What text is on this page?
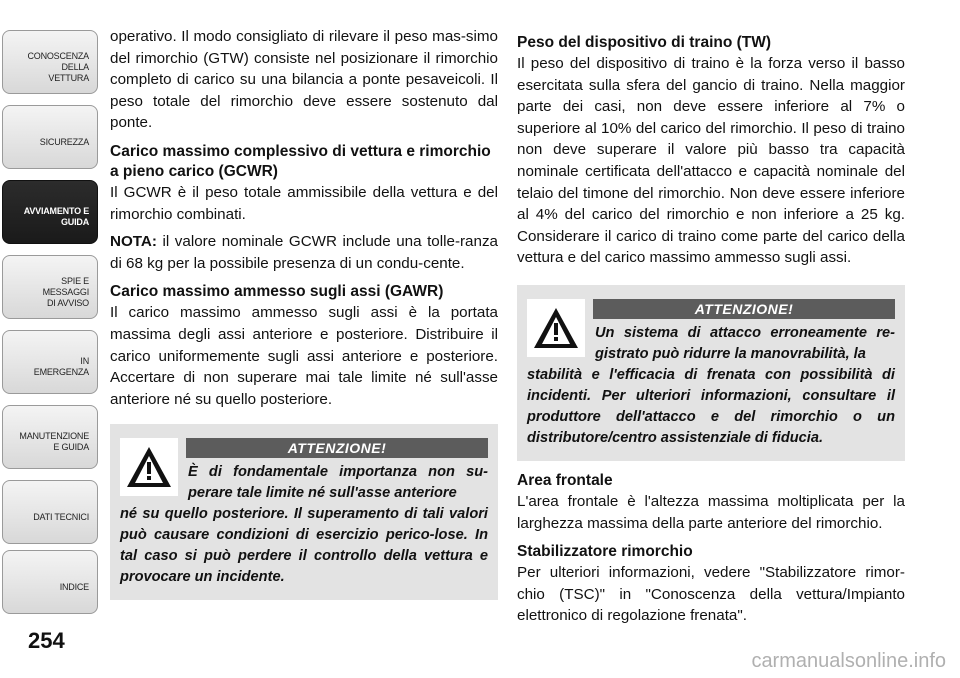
CONOSCENZA DELLA
VETTURA
SICUREZZA
AVVIAMENTO E
GUIDA
SPIE E
MESSAGGI
DI AVVISO
IN
EMERGENZA
MANUTENZIONE
E GUIDA
DATI TECNICI
INDICE
254

operativo. Il modo consigliato di rilevare il peso mas-simo del rimorchio (GTW) consiste nel posizionare il rimorchio completo di carico su una bilancia a ponte pesaveicoli. Il peso totale del rimorchio deve essere sostenuto dal ponte.

Carico massimo complessivo di vettura e rimorchio a pieno carico (GCWR)

Il GCWR è il peso totale ammissibile della vettura e del rimorchio combinati.

NOTA: il valore nominale GCWR include una tolle-ranza di 68 kg per la possibile presenza di un condu-cente.

Carico massimo ammesso sugli assi (GAWR)

Il carico massimo ammesso sugli assi è la portata massima degli assi anteriore e posteriore. Distribuire il carico uniformemente sugli assi anteriore e posteriore. Accertare di non superare mai tale limite né sull'asse anteriore né su quello posteriore.

ATTENZIONE!
È di fondamentale importanza non su-perare tale limite né sull'asse anteriore
né su quello posteriore. Il superamento di tali valori può causare condizioni di esercizio perico-lose. In tal caso si può perdere il controllo della vettura e provocare un incidente.
Peso del dispositivo di traino (TW)

Il peso del dispositivo di traino è la forza verso il basso esercitata sulla sfera del gancio di traino. Nella maggior parte dei casi, non deve essere inferiore al 7% o superiore al 10% del carico del rimorchio. Il peso di traino non deve superare il valore più basso tra capacità nominale certificata dell'attacco e capacità nominale del telaio del timone del rimorchio. Non deve essere inferiore al 4% del carico del rimorchio e non inferiore a 25 kg. Considerare il carico di traino come parte del carico della vettura e del carico massimo ammesso sugli assi.

ATTENZIONE!
Un sistema di attacco erroneamente re-gistrato può ridurre la manovrabilità, la
stabilità e l'efficacia di frenata con possibilità di incidenti. Per ulteriori informazioni, consultare il produttore dell'attacco e del rimorchio o un distributore/centro assistenziale di fiducia.
Area frontale

L'area frontale è l'altezza massima moltiplicata per la larghezza massima della parte anteriore del rimorchio.

Stabilizzatore rimorchio

Per ulteriori informazioni, vedere "Stabilizzatore rimor-chio (TSC)" in "Conoscenza della vettura/Impianto elettronico di regolazione frenata".

carmanualsonline.info
